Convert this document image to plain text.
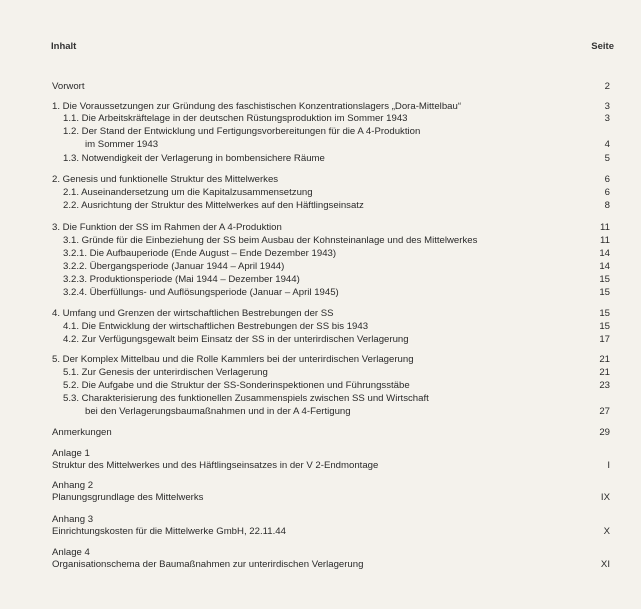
Inhalt	Seite
Vorwort	2
1. Die Voraussetzungen zur Gründung des faschistischen Konzentrationslagers „Dora-Mittelbau“	3
1.1. Die Arbeitskräftelage in der deutschen Rüstungsproduktion im Sommer 1943	3
1.2. Der Stand der Entwicklung und Fertigungsvorbereitungen für die A 4-Produktion
im Sommer 1943	4
1.3. Notwendigkeit der Verlagerung in bombensichere Räume	5
2. Genesis und funktionelle Struktur des Mittelwerkes	6
2.1. Auseinandersetzung um die Kapitalzusammensetzung	6
2.2. Ausrichtung der Struktur des Mittelwerkes auf den Häftlingseinsatz	8
3. Die Funktion der SS im Rahmen der A 4-Produktion	11
3.1. Gründe für die Einbeziehung der SS beim Ausbau der Kohnsteinanlage und des Mittelwerkes	11
3.2.1. Die Aufbauperiode (Ende August – Ende Dezember 1943)	14
3.2.2. Übergangsperiode (Januar 1944 – April 1944)	14
3.2.3. Produktionsperiode (Mai 1944 – Dezember 1944)	15
3.2.4. Überfüllungs- und Auflösungsperiode (Januar – April 1945)	15
4. Umfang und Grenzen der wirtschaftlichen Bestrebungen der SS	15
4.1. Die Entwicklung der wirtschaftlichen Bestrebungen der SS bis 1943	15
4.2. Zur Verfügungsgewalt beim Einsatz der SS in der unterirdischen Verlagerung	17
5. Der Komplex Mittelbau und die Rolle Kammlers bei der unterirdischen Verlagerung	21
5.1. Zur Genesis der unterirdischen Verlagerung	21
5.2. Die Aufgabe und die Struktur der SS-Sonderinspektionen und Führungsstäbe	23
5.3. Charakterisierung des funktionellen Zusammenspiels zwischen SS und Wirtschaft
bei den Verlagerungsbaumaßnahmen und in der A 4-Fertigung	27
Anmerkungen	29
Anlage 1
Struktur des Mittelwerkes und des Häftlingseinsatzes in der V 2-Endmontage	I
Anhang 2
Planungsgrundlage des Mittelwerks	IX
Anhang 3
Einrichtungskosten für die Mittelwerke GmbH, 22.11.44	X
Anlage 4
Organisationschema der Baumaßnahmen zur unterirdischen Verlagerung	XI
